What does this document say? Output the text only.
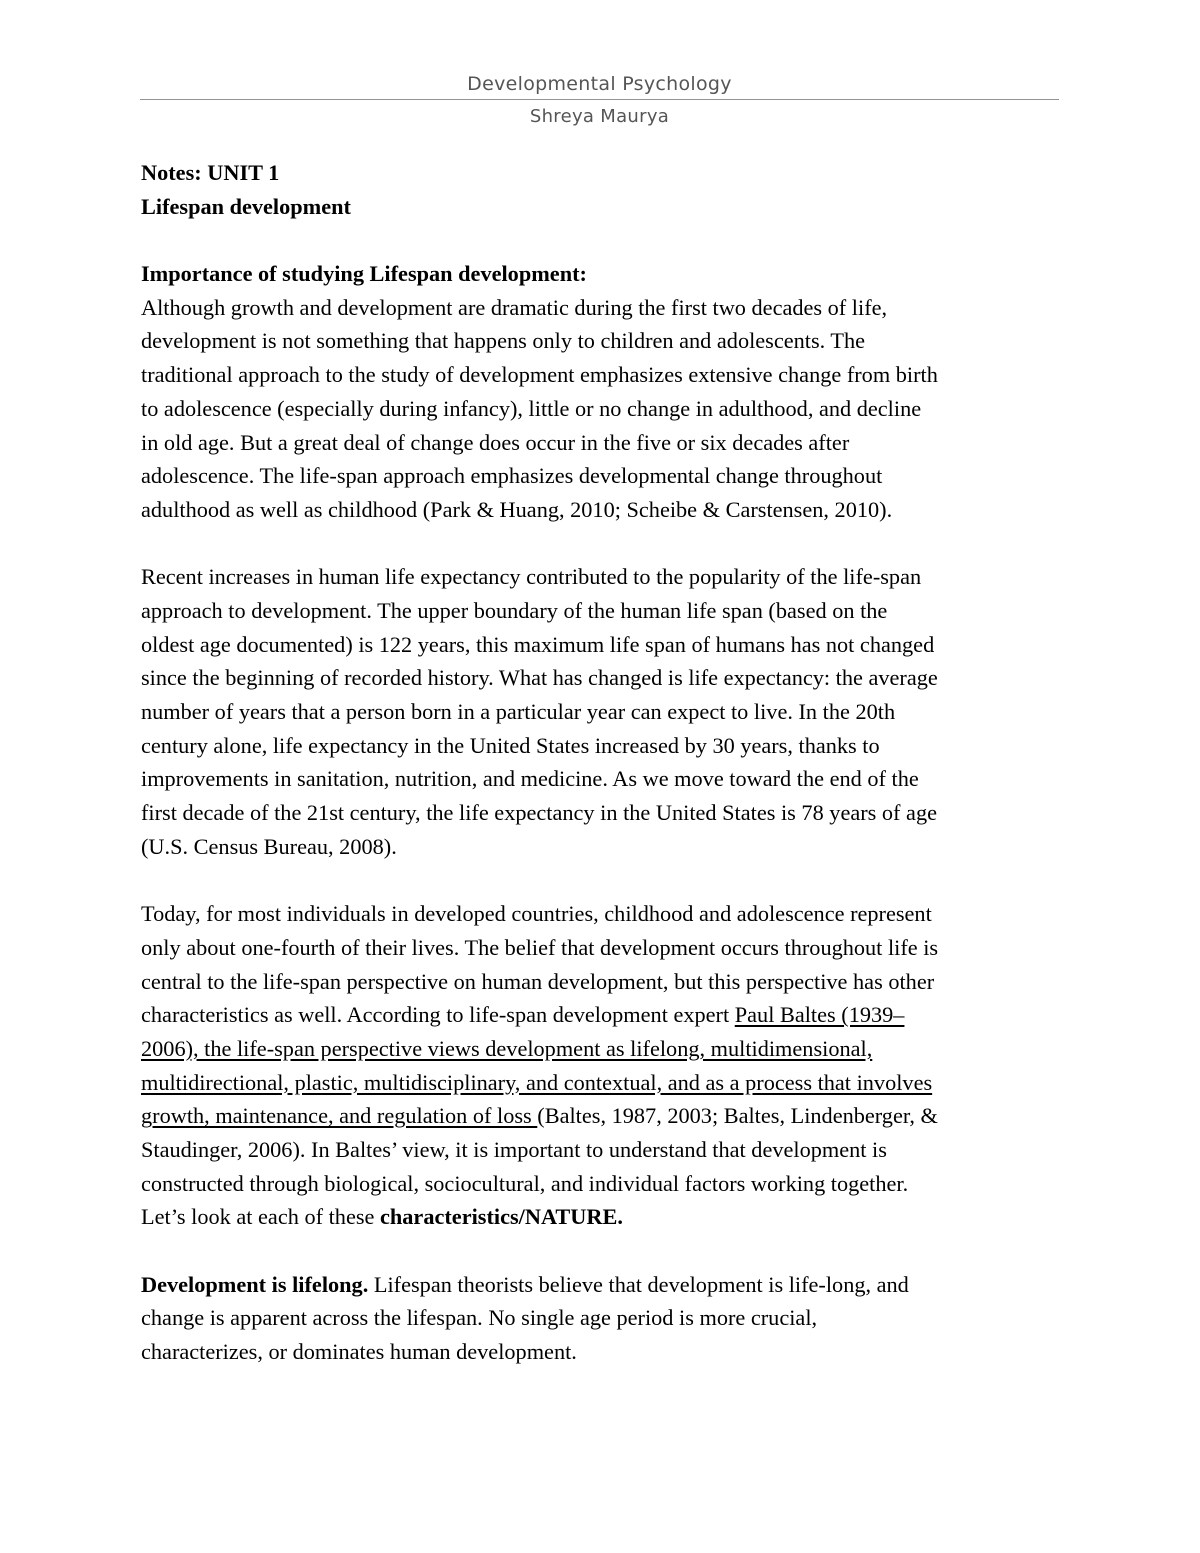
Developmental Psychology
Shreya Maurya
Notes: UNIT 1
Lifespan development
Importance of studying Lifespan development:
Although growth and development are dramatic during the first two decades of life,
development is not something that happens only to children and adolescents. The
traditional approach to the study of development emphasizes extensive change from birth
to adolescence (especially during infancy), little or no change in adulthood, and decline
in old age. But a great deal of change does occur in the five or six decades after
adolescence. The life-span approach emphasizes developmental change throughout
adulthood as well as childhood (Park & Huang, 2010; Scheibe & Carstensen, 2010).
Recent increases in human life expectancy contributed to the popularity of the life-span
approach to development. The upper boundary of the human life span (based on the
oldest age documented) is 122 years, this maximum life span of humans has not changed
since the beginning of recorded history. What has changed is life expectancy: the average
number of years that a person born in a particular year can expect to live. In the 20th
century alone, life expectancy in the United States increased by 30 years, thanks to
improvements in sanitation, nutrition, and medicine. As we move toward the end of the
first decade of the 21st century, the life expectancy in the United States is 78 years of age
(U.S. Census Bureau, 2008).
Today, for most individuals in developed countries, childhood and adolescence represent
only about one-fourth of their lives. The belief that development occurs throughout life is
central to the life-span perspective on human development, but this perspective has other
characteristics as well. According to life-span development expert Paul Baltes (1939–
2006), the life-span perspective views development as lifelong, multidimensional,
multidirectional, plastic, multidisciplinary, and contextual, and as a process that involves
growth, maintenance, and regulation of loss (Baltes, 1987, 2003; Baltes, Lindenberger, &
Staudinger, 2006). In Baltes’ view, it is important to understand that development is
constructed through biological, sociocultural, and individual factors working together.
Let’s look at each of these characteristics/NATURE.
Development is lifelong. Lifespan theorists believe that development is life-long, and
change is apparent across the lifespan. No single age period is more crucial,
characterizes, or dominates human development.
